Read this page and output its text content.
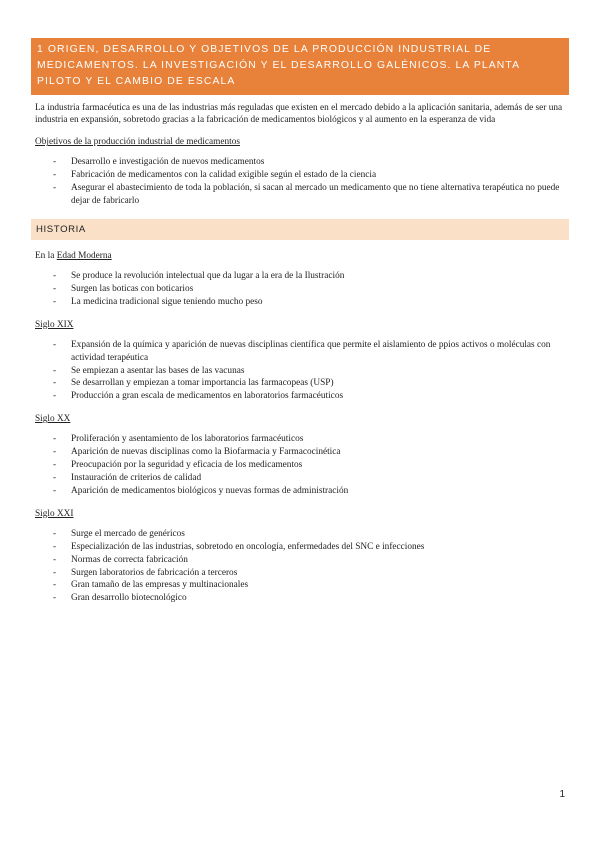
1 ORIGEN, DESARROLLO Y OBJETIVOS DE LA PRODUCCIÓN INDUSTRIAL DE MEDICAMENTOS. LA INVESTIGACIÓN Y EL DESARROLLO GALÉNICOS. LA PLANTA PILOTO Y EL CAMBIO DE ESCALA

La industria farmacéutica es una de las industrias más reguladas que existen en el mercado debido a la aplicación sanitaria, además de ser una industria en expansión, sobretodo gracias a la fabricación de medicamentos biológicos y al aumento en la esperanza de vida

Objetivos de la producción industrial de medicamentos
- Desarrollo e investigación de nuevos medicamentos
- Fabricación de medicamentos con la calidad exigible según el estado de la ciencia
- Asegurar el abastecimiento de toda la población, si sacan al mercado un medicamento que no tiene alternativa terapéutica no puede dejar de fabricarlo
HISTORIA
En la Edad Moderna
- Se produce la revolución intelectual que da lugar a la era de la Ilustración
- Surgen las boticas con boticarios
- La medicina tradicional sigue teniendo mucho peso
Siglo XIX
- Expansión de la química y aparición de nuevas disciplinas científica que permite el aislamiento de ppios activos o moléculas con actividad terapéutica
- Se empiezan a asentar las bases de las vacunas
- Se desarrollan y empiezan a tomar importancia las farmacopeas (USP)
- Producción a gran escala de medicamentos en laboratorios farmacéuticos
Siglo XX
- Proliferación y asentamiento de los laboratorios farmacéuticos
- Aparición de nuevas disciplinas como la Biofarmacia y Farmacocinética
- Preocupación por la seguridad y eficacia de los medicamentos
- Instauración de criterios de calidad
- Aparición de medicamentos biológicos y nuevas formas de administración
Siglo XXI
- Surge el mercado de genéricos
- Especialización de las industrias, sobretodo en oncología, enfermedades del SNC e infecciones
- Normas de correcta fabricación
- Surgen laboratorios de fabricación a terceros
- Gran tamaño de las empresas y multinacionales
- Gran desarrollo biotecnológico
1
